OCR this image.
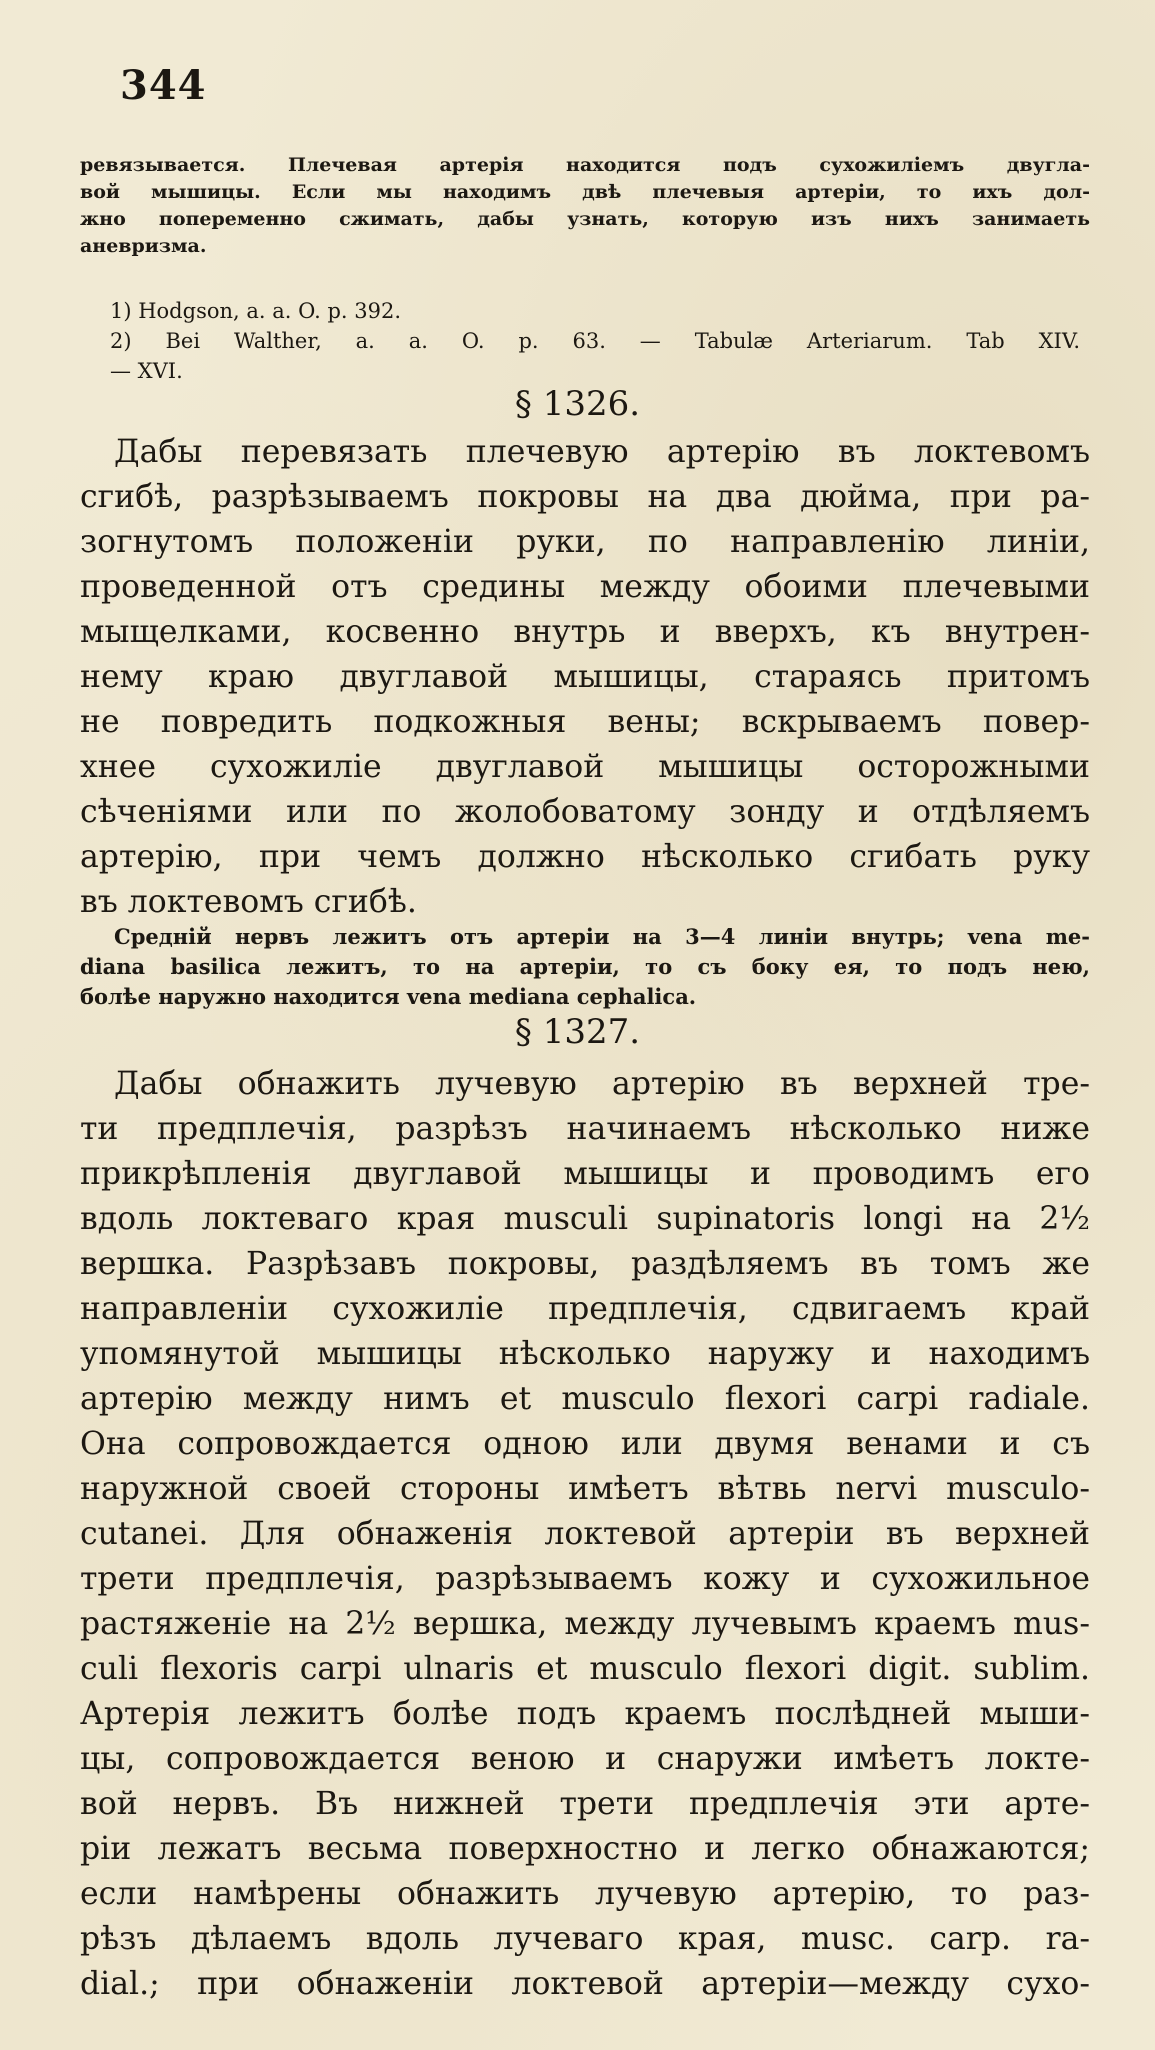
344
ревязывается. Плечевая артерія находится подъ сухожиліемъ двугла-
вой мышицы. Если мы находимъ двѣ плечевыя артеріи, то ихъ дол-
жно попеременно сжимать, дабы узнать, которую изъ нихъ занимаеть
аневризма.
1) Hodgson, a. a. O. p. 392.
2) Bei Walther, a. a. O. p. 63. — Tabulæ Arteriarum. Tab XIV.
— XVI.
§ 1326.
Дабы перевязать плечевую артерію въ локтевомъ
сгибѣ, разрѣзываемъ покровы на два дюйма, при ра-
зогнутомъ положеніи руки, по направленію линіи,
проведенной отъ средины между обоими плечевыми
мыщелками, косвенно внутрь и вверхъ, къ внутрен-
нему краю двуглавой мышицы, стараясь притомъ
не повредить подкожныя вены; вскрываемъ повер-
хнее сухожиліе двуглавой мышицы осторожными
сѣченіями или по жолобоватому зонду и отдѣляемъ
артерію, при чемъ должно нѣсколько сгибать руку
въ локтевомъ сгибѣ.
Средній нервъ лежитъ отъ артеріи на 3—4 линіи внутрь; vena me-
diana basilica лежитъ, то на артеріи, то съ боку ея, то подъ нею,
болѣе наружно находится vena mediana cephalica.
§ 1327.
Дабы обнажить лучевую артерію въ верхней тре-
ти предплечія, разрѣзъ начинаемъ нѣсколько ниже
прикрѣпленія двуглавой мышицы и проводимъ его
вдоль локтеваго края musculi supinatoris longi на 2½
вершка. Разрѣзавъ покровы, раздѣляемъ въ томъ же
направленіи сухожиліе предплечія, сдвигаемъ край
упомянутой мышицы нѣсколько наружу и находимъ
артерію между нимъ et musculo flexori carpi radiale.
Она сопровождается одною или двумя венами и съ
наружной своей стороны имѣетъ вѣтвь nervi musculo-
cutanei. Для обнаженія локтевой артеріи въ верхней
трети предплечія, разрѣзываемъ кожу и сухожильное
растяженіе на 2½ вершка, между лучевымъ краемъ mus-
culi flexoris carpi ulnaris et musculo flexori digit. sublim.
Артерія лежитъ болѣе подъ краемъ послѣдней мыши-
цы, сопровождается веною и снаружи имѣетъ локте-
вой нервъ. Въ нижней трети предплечія эти арте-
ріи лежатъ весьма поверхностно и легко обнажаются;
если намѣрены обнажить лучевую артерію, то раз-
рѣзъ дѣлаемъ вдоль лучеваго края, musc. carp. ra-
dial.; при обнаженіи локтевой артеріи—между сухо-
